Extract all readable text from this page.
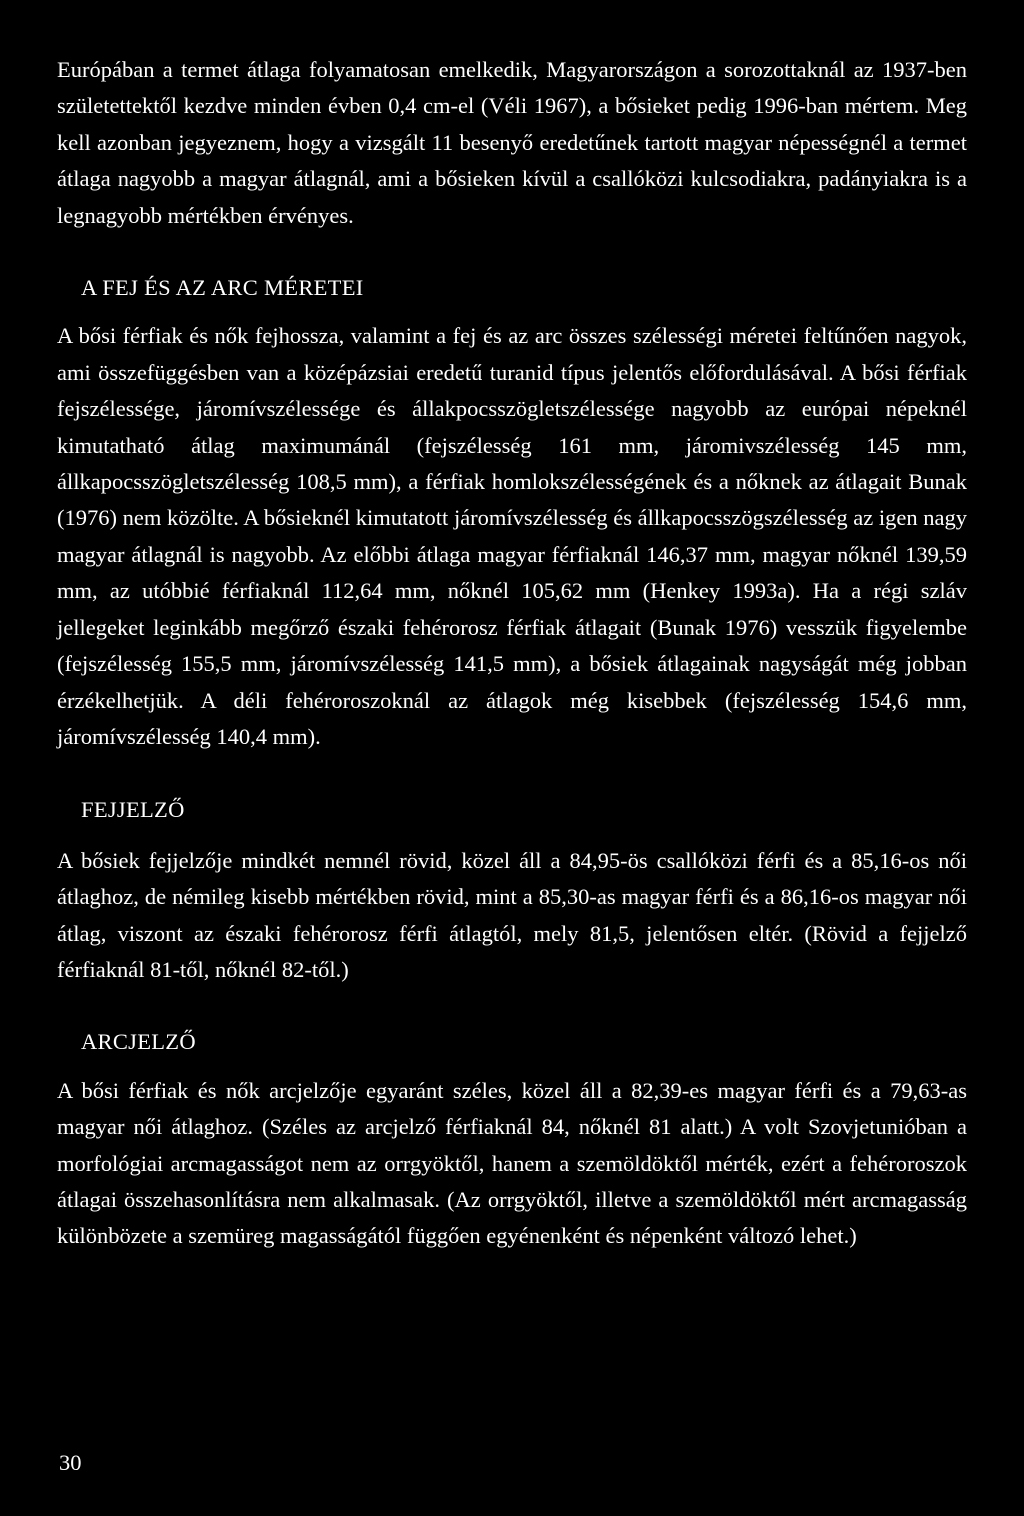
Európában a termet átlaga folyamatosan emelkedik, Magyarországon a sorozottaknál az 1937-ben születettektől kezdve minden évben 0,4 cm-el (Véli 1967), a bősieket pedig 1996-ban mértem. Meg kell azonban jegyeznem, hogy a vizsgált 11 besenyő eredetűnek tartott magyar népességnél a termet átlaga nagyobb a magyar átlagnál, ami a bősieken kívül a csallóközi kulcsodiakra, padányiakra is a legnagyobb mértékben érvényes.

A FEJ ÉS AZ ARC MÉRETEI

A bősi férfiak és nők fejhossza, valamint a fej és az arc összes szélességi méretei feltűnően nagyok, ami összefüggésben van a középázsiai eredetű turanid típus jelentős előfordulásával. A bősi férfiak fejszélessége, járomívszélessége és állakpocsszögletszélessége nagyobb az európai népeknél kimutatható átlag maximumánál (fejszélesség 161 mm, járomivszélesség 145 mm, állkapocsszögletszélesség 108,5 mm), a férfiak homlokszélességének és a nőknek az átlagait Bunak (1976) nem közölte. A bősieknél kimutatott járomívszélesség és állkapocsszögszélesség az igen nagy magyar átlagnál is nagyobb. Az előbbi átlaga magyar férfiaknál 146,37 mm, magyar nőknél 139,59 mm, az utóbbié férfiaknál 112,64 mm, nőknél 105,62 mm (Henkey 1993a). Ha a régi szláv jellegeket leginkább megőrző északi fehérorosz férfiak átlagait (Bunak 1976) vesszük figyelembe (fejszélesség 155,5 mm, járomívszélesség 141,5 mm), a bősiek átlagainak nagyságát még jobban érzékelhetjük. A déli fehéroroszoknál az átlagok még kisebbek (fejszélesség 154,6 mm, járomívszélesség 140,4 mm).

FEJJELZŐ

A bősiek fejjelzője mindkét nemnél rövid, közel áll a 84,95-ös csallóközi férfi és a 85,16-os női átlaghoz, de némileg kisebb mértékben rövid, mint a 85,30-as magyar férfi és a 86,16-os magyar női átlag, viszont az északi fehérorosz férfi átlagtól, mely 81,5, jelentősen eltér. (Rövid a fejjelző férfiaknál 81-től, nőknél 82-től.)

ARCJELZŐ

A bősi férfiak és nők arcjelzője egyaránt széles, közel áll a 82,39-es magyar férfi és a 79,63-as magyar női átlaghoz. (Széles az arcjelző férfiaknál 84, nőknél 81 alatt.) A volt Szovjetunióban a morfológiai arcmagasságot nem az orrgyöktől, hanem a szemöldöktől mérték, ezért a fehéroroszok átlagai összehasonlításra nem alkalmasak. (Az orrgyöktől, illetve a szemöldöktől mért arcmagasság különbözete a szemüreg magasságától függően egyénenként és népenként változó lehet.)

30
